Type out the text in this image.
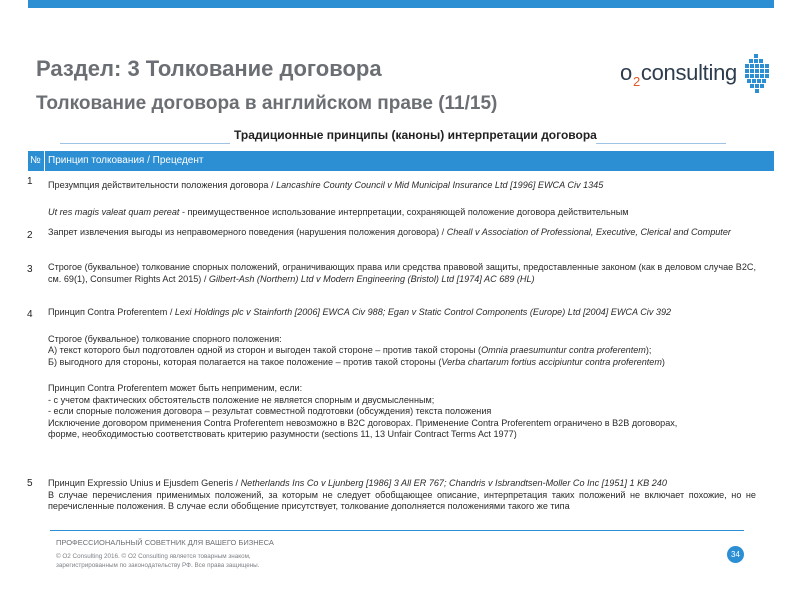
Раздел: 3 Толкование договора
Толкование договора в английском праве (11/15)
$o_2consulting$
Традиционные принципы (каноны) интерпретации договора
№ Принцип толкования / Прецедент
1 Презумпция действительности положения договора / Lancashire County Council v Mid Municipal Insurance Ltd [1996] EWCA Civ 1345

Ut res magis valeat quam pereat - преимущественное использование интерпретации, сохраняющей положение договора действительным

2 Запрет извлечения выгоды из неправомерного поведения (нарушения положения договора) / Cheall v Association of Professional, Executive, Clerical and Computer

3 Строгое (буквальное) толкование спорных положений, ограничивающих права или средства правовой защиты, предоставленные законом (как в деловом случае B2C, см. 69(1), Consumer Rights Act 2015) / Gilbert-Ash (Northern) Ltd v Modern Engineering (Bristol) Ltd [1974] AC 689 (HL)

4 Принцип Contra Proferentem / Lexi Holdings plc v Stainforth [2006] EWCA Civ 988; Egan v Static Control Components (Europe) Ltd [2004] EWCA Civ 392

Строгое (буквальное) толкование спорного положения:

А) текст которого был подготовлен одной из сторон и выгоден такой стороне – против такой стороны (Omnia praesumuntur contra proferentem);

Б) выгодного для стороны, которая полагается на такое положение – против такой стороны (Verba chartarum fortius accipiuntur contra proferentem)

Принцип Contra Proferentem может быть неприменим, если:

- с учетом фактических обстоятельств положение не является спорным и двусмысленным;

- если спорные положения договора – результат совместной подготовки (обсуждения) текста положения

Исключение договором применения Contra Proferentem невозможно в B2C договорах. Применение Contra Proferentem ограничено в B2B договорах,

форме, необходимостью соответствовать критерию разумности (sections 11, 13 Unfair Contract Terms Act 1977)

5 Принцип Expressio Unius и Ejusdem Generis / Netherlands Ins Co v Ljunberg [1986] 3 All ER 767; Chandris v Isbrandtsen-Moller Co Inc [1951] 1 KB 240

В случае перечисления применимых положений, за которым не следует обобщающее описание, интерпретация таких положений не включает похожие, но не перечисленные положения. В случае если обобщение присутствует, толкование дополняется положениями такого же типа

ПРОФЕССИОНАЛЬНЫЙ СОВЕТНИК ДЛЯ ВАШЕГО БИЗНЕСА
© O2 Consulting 2016. © O2 Consulting является товарным знаком,
зарегистрированным по законодательству РФ. Все права защищены.
34
